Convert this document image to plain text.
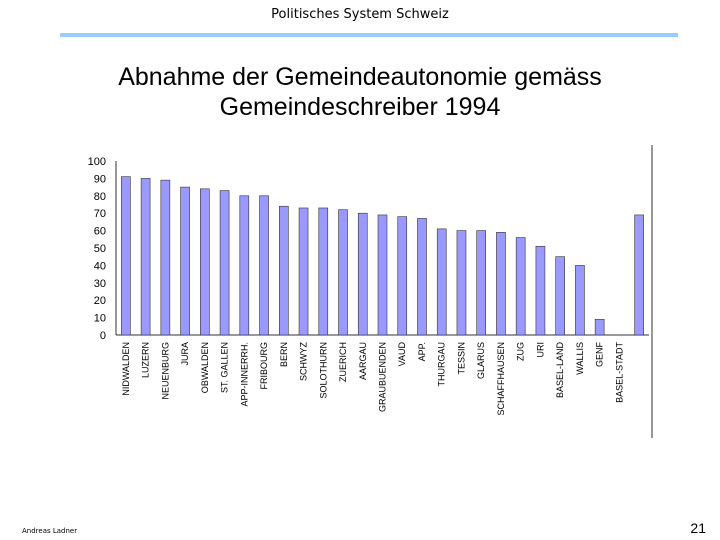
Politisches System Schweiz
Abnahme der Gemeindeautonomie gemäss
Gemeindeschreiber 1994
0
10
20
30
40
50
60
70
80
90
100
NIDWALDEN LUZERN NEUENBURG JURA OBWALDEN ST. GALLEN APP-INNERRH. FRIBOURG BERN SCHWYZ SOLOTHURN ZUERICH AARGAU GRAUBUENDEN VAUD APP. THURGAU TESSIN GLARUS SCHAFFHAUSEN ZUG URI BASEL-LAND WALLIS GENF BASEL-STADT
Andreas Ladner	21
